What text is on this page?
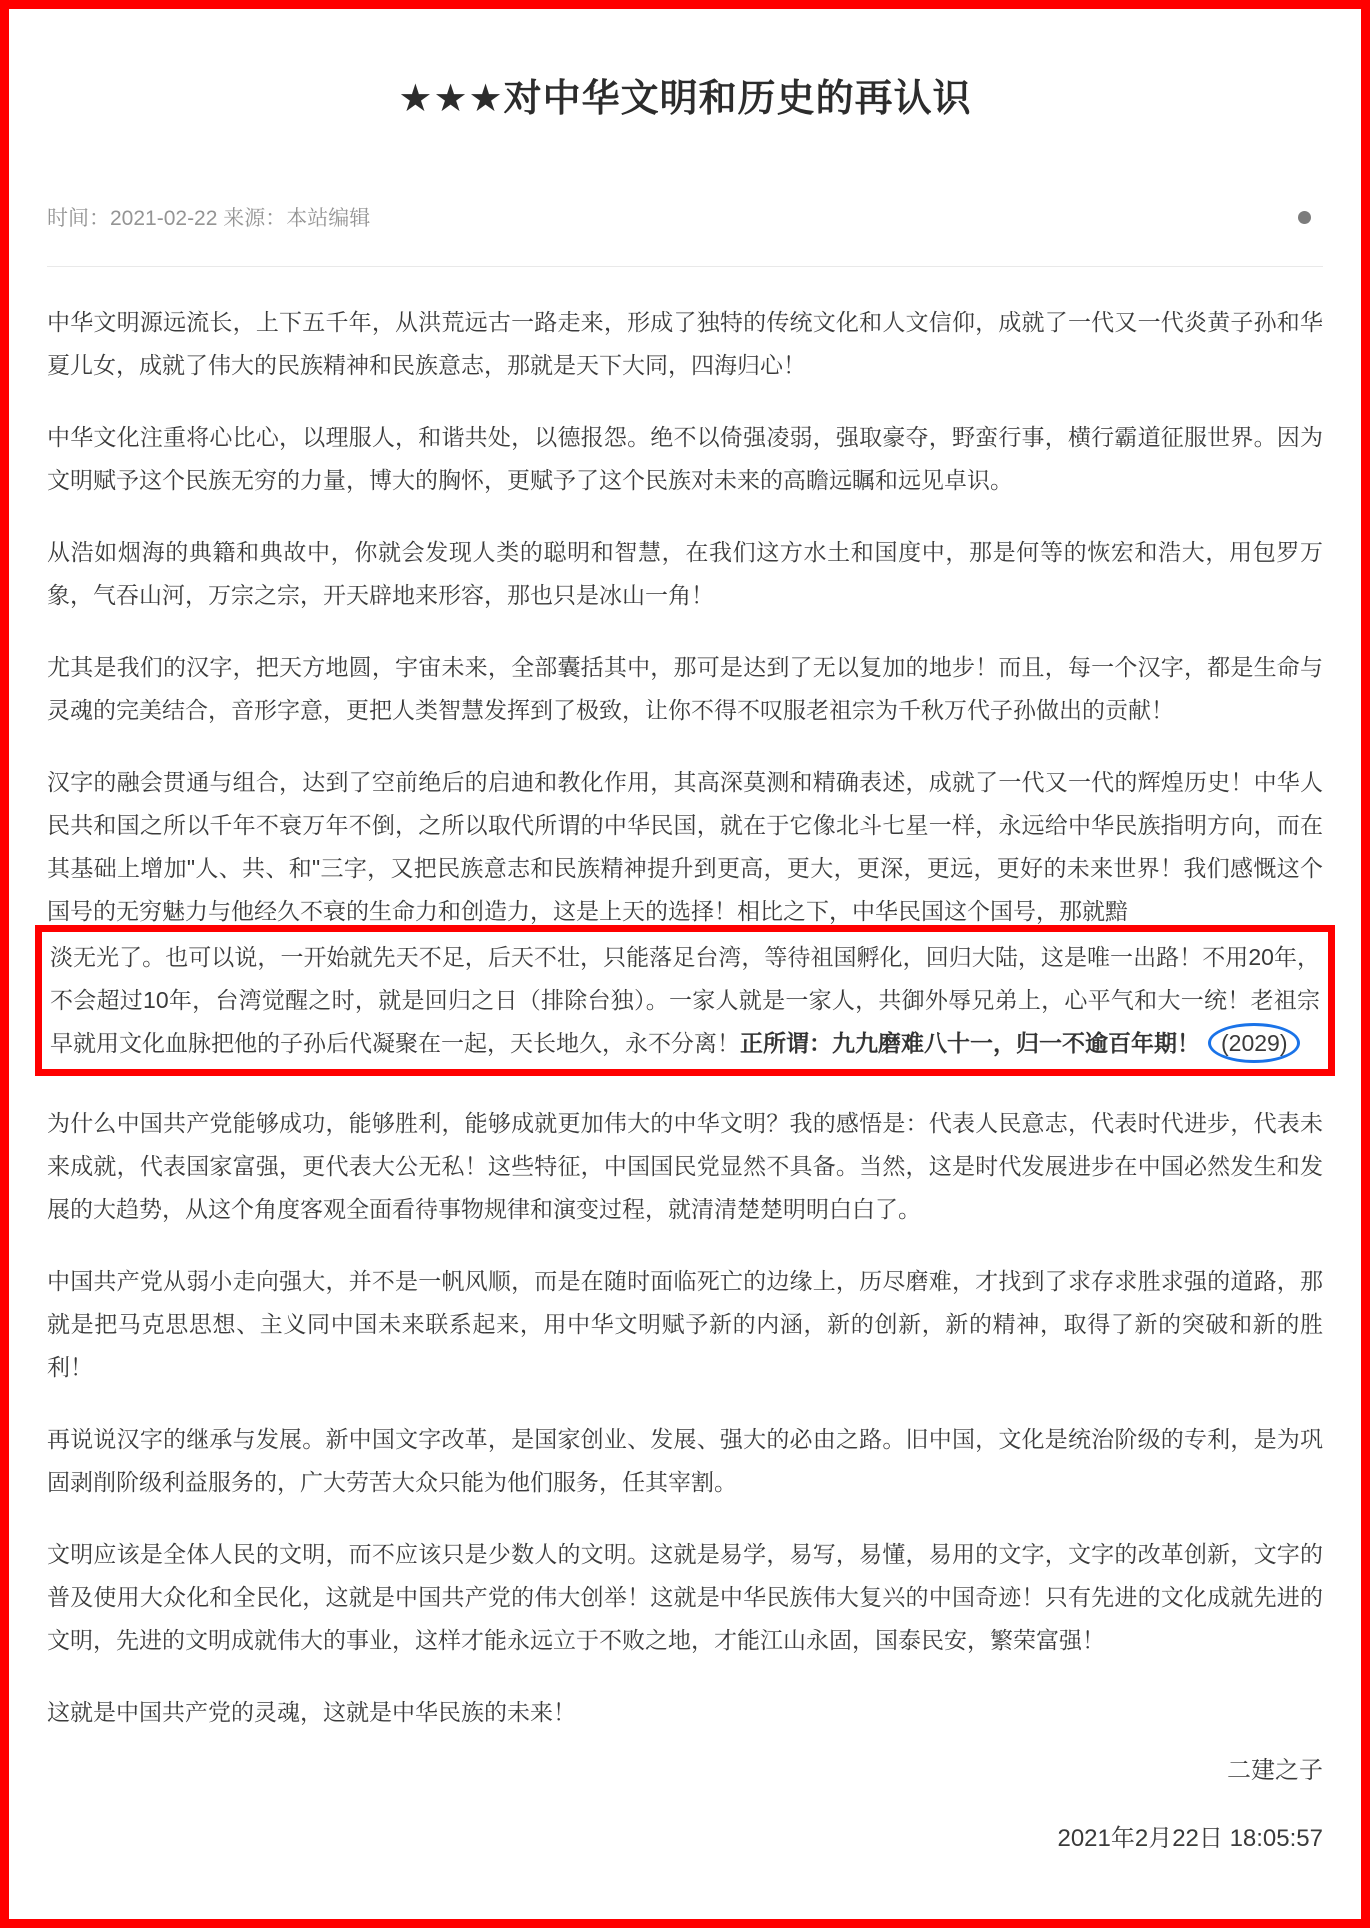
★★★对中华文明和历史的再认识
时间：2021-02-22 来源：本站编辑

中华文明源远流长，上下五千年，从洪荒远古一路走来，形成了独特的传统文化和人文信仰，成就了一代又一代炎黄子孙和华夏儿女，成就了伟大的民族精神和民族意志，那就是天下大同，四海归心！

中华文化注重将心比心，以理服人，和谐共处，以德报怨。绝不以倚强凌弱，强取豪夺，野蛮行事，横行霸道征服世界。因为文明赋予这个民族无穷的力量，博大的胸怀，更赋予了这个民族对未来的高瞻远瞩和远见卓识。

从浩如烟海的典籍和典故中，你就会发现人类的聪明和智慧，在我们这方水土和国度中，那是何等的恢宏和浩大，用包罗万象，气吞山河，万宗之宗，开天辟地来形容，那也只是冰山一角！

尤其是我们的汉字，把天方地圆，宇宙未来，全部囊括其中，那可是达到了无以复加的地步！而且，每一个汉字，都是生命与灵魂的完美结合，音形字意，更把人类智慧发挥到了极致，让你不得不叹服老祖宗为千秋万代子孙做出的贡献！

汉字的融会贯通与组合，达到了空前绝后的启迪和教化作用，其高深莫测和精确表述，成就了一代又一代的辉煌历史！中华人民共和国之所以千年不衰万年不倒，之所以取代所谓的中华民国，就在于它像北斗七星一样，永远给中华民族指明方向，而在其基础上增加"人、共、和"三字，又把民族意志和民族精神提升到更高，更大，更深，更远，更好的未来世界！我们感慨这个国号的无穷魅力与他经久不衰的生命力和创造力，这是上天的选择！相比之下，中华民国这个国号，那就黯

淡无光了。也可以说，一开始就先天不足，后天不壮，只能落足台湾，等待祖国孵化，回归大陆，这是唯一出路！不用20年，不会超过10年，台湾觉醒之时，就是回归之日（排除台独）。一家人就是一家人，共御外辱兄弟上，心平气和大一统！老祖宗早就用文化血脉把他的子孙后代凝聚在一起，天长地久，永不分离！正所谓：九九磨难八十一，归一不逾百年期！ (2029)

为什么中国共产党能够成功，能够胜利，能够成就更加伟大的中华文明？我的感悟是：代表人民意志，代表时代进步，代表未来成就，代表国家富强，更代表大公无私！这些特征，中国国民党显然不具备。当然，这是时代发展进步在中国必然发生和发展的大趋势，从这个角度客观全面看待事物规律和演变过程，就清清楚楚明明白白了。

中国共产党从弱小走向强大，并不是一帆风顺，而是在随时面临死亡的边缘上，历尽磨难，才找到了求存求胜求强的道路，那就是把马克思思想、主义同中国未来联系起来，用中华文明赋予新的内涵，新的创新，新的精神，取得了新的突破和新的胜利！

再说说汉字的继承与发展。新中国文字改革，是国家创业、发展、强大的必由之路。旧中国，文化是统治阶级的专利，是为巩固剥削阶级利益服务的，广大劳苦大众只能为他们服务，任其宰割。

文明应该是全体人民的文明，而不应该只是少数人的文明。这就是易学，易写，易懂，易用的文字，文字的改革创新，文字的普及使用大众化和全民化，这就是中国共产党的伟大创举！这就是中华民族伟大复兴的中国奇迹！只有先进的文化成就先进的文明，先进的文明成就伟大的事业，这样才能永远立于不败之地，才能江山永固，国泰民安，繁荣富强！

这就是中国共产党的灵魂，这就是中华民族的未来！

二建之子
2021年2月22日 18:05:57
